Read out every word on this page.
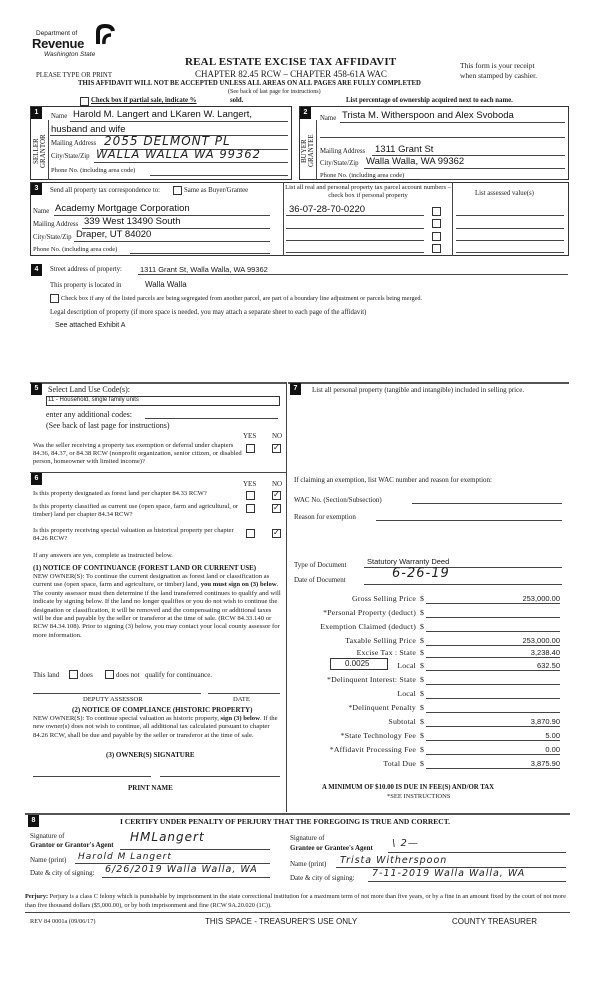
Department of
Revenue
Washington State
PLEASE TYPE OR PRINT
REAL ESTATE EXCISE TAX AFFIDAVIT
CHAPTER 82.45 RCW – CHAPTER 458-61A WAC
This form is your receipt
when stamped by cashier.
THIS AFFIDAVIT WILL NOT BE ACCEPTED UNLESS ALL AREAS ON ALL PAGES ARE FULLY COMPLETED
(See back of last page for instructions)
Check box if partial sale, indicate %	sold.	List percentage of ownership acquired next to each name.
1
SELLER GRANTOR
Name Harold M. Langert and LKaren W. Langert,
husband and wife
Mailing Address 2055 DELMONT PL
City/State/Zip WALLA WALLA WA 99362
Phone No. (including area code)
2
BUYER GRANTEE
Name Trista M. Witherspoon and Alex Svoboda
Mailing Address 1311 Grant St
City/State/Zip Walla Walla, WA 99362
Phone No. (including area code)
3	Send all property tax correspondence to:	Same as Buyer/Grantee
Name Academy Mortgage Corporation
Mailing Address 339 West 13490 South
City/State/Zip Draper, UT 84020
Phone No. (including area code)
List all real and personal property tax parcel account numbers – check box if personal property	List assessed value(s)
36-07-28-70-0220
4	Street address of property: 1311 Grant St, Walla Walla, WA 99362
This property is located in	Walla Walla
Check box if any of the listed parcels are being segregated from another parcel, are part of a boundary line adjustment or parcels being merged.
Legal description of property (if more space is needed, you may attach a separate sheet to each page of the affidavit)
See attached Exhibit A
5	Select Land Use Code(s):
11 - Household, single family units
enter any additional codes:
(See back of last page for instructions)
YES NO
Was the seller receiving a property tax exemption or deferral under chapters 84.36, 84.37, or 84.38 RCW (nonprofit organization, senior citizen, or disabled person, homeowner with limited income)?
✓
6
YES NO
Is this property designated as forest land per chapter 84.33 RCW?
✓
Is this property classified as current use (open space, farm and agricultural, or timber) land per chapter 84.34 RCW?
✓
Is this property receiving special valuation as historical property per chapter 84.26 RCW?
✓
If any answers are yes, complete as instructed below.
(1) NOTICE OF CONTINUANCE (FOREST LAND OR CURRENT USE)
NEW OWNER(S): To continue the current designation as forest land or classification as current use (open space, farm and agriculture, or timber) land, you must sign on (3) below. The county assessor must then determine if the land transferred continues to qualify and will indicate by signing below. If the land no longer qualifies or you do not wish to continue the designation or classification, it will be removed and the compensating or additional taxes will be due and payable by the seller or transferor at the time of sale. (RCW 84.33.140 or RCW 84.34.108). Prior to signing (3) below, you may contact your local county assessor for more information.
This land	does	does not qualify for continuance.
DEPUTY ASSESSOR	DATE
(2) NOTICE OF COMPLIANCE (HISTORIC PROPERTY)
NEW OWNER(S): To continue special valuation as historic property, sign (3) below. If the new owner(s) does not wish to continue, all additional tax calculated pursuant to chapter 84.26 RCW, shall be due and payable by the seller or transferor at the time of sale.
(3) OWNER(S) SIGNATURE
PRINT NAME
7	List all personal property (tangible and intangible) included in selling price.
If claiming an exemption, list WAC number and reason for exemption:
WAC No. (Section/Subsection)
Reason for exemption
Type of Document	Statutory Warranty Deed
Date of Document	6-26-19
0.0025
Gross Selling Price $	253,000.00
*Personal Property (deduct) $
Exemption Claimed (deduct) $
Taxable Selling Price $	253,000.00
Excise Tax : State $	3,238.40
Local $	632.50
*Delinquent Interest: State $
Local $
*Delinquent Penalty $
Subtotal $	3,870.90
*State Technology Fee $	5.00
*Affidavit Processing Fee $	0.00
Total Due $	3,875.90
A MINIMUM OF $10.00 IS DUE IN FEE(S) AND/OR TAX
*SEE INSTRUCTIONS
8	I CERTIFY UNDER PENALTY OF PERJURY THAT THE FOREGOING IS TRUE AND CORRECT.
Signature of
Grantor or Grantor's Agent
HMLangert
Name (print) Harold M Langert
Date & city of signing: 6/26/2019 Walla Walla, WA
Signature of
Grantee or Grantee's Agent \ 2—
Name (print) Trista Witherspoon
Date & city of signing: 7-11-2019 Walla Walla, WA
Perjury: Perjury is a class C felony which is punishable by imprisonment in the state correctional institution for a maximum term of not more than five years, or by a fine in an amount fixed by the court of not more than five thousand dollars ($5,000.00), or by both imprisonment and fine (RCW 9A.20.020 (1C)).
REV 84 0001a (09/06/17)	THIS SPACE - TREASURER'S USE ONLY	COUNTY TREASURER
